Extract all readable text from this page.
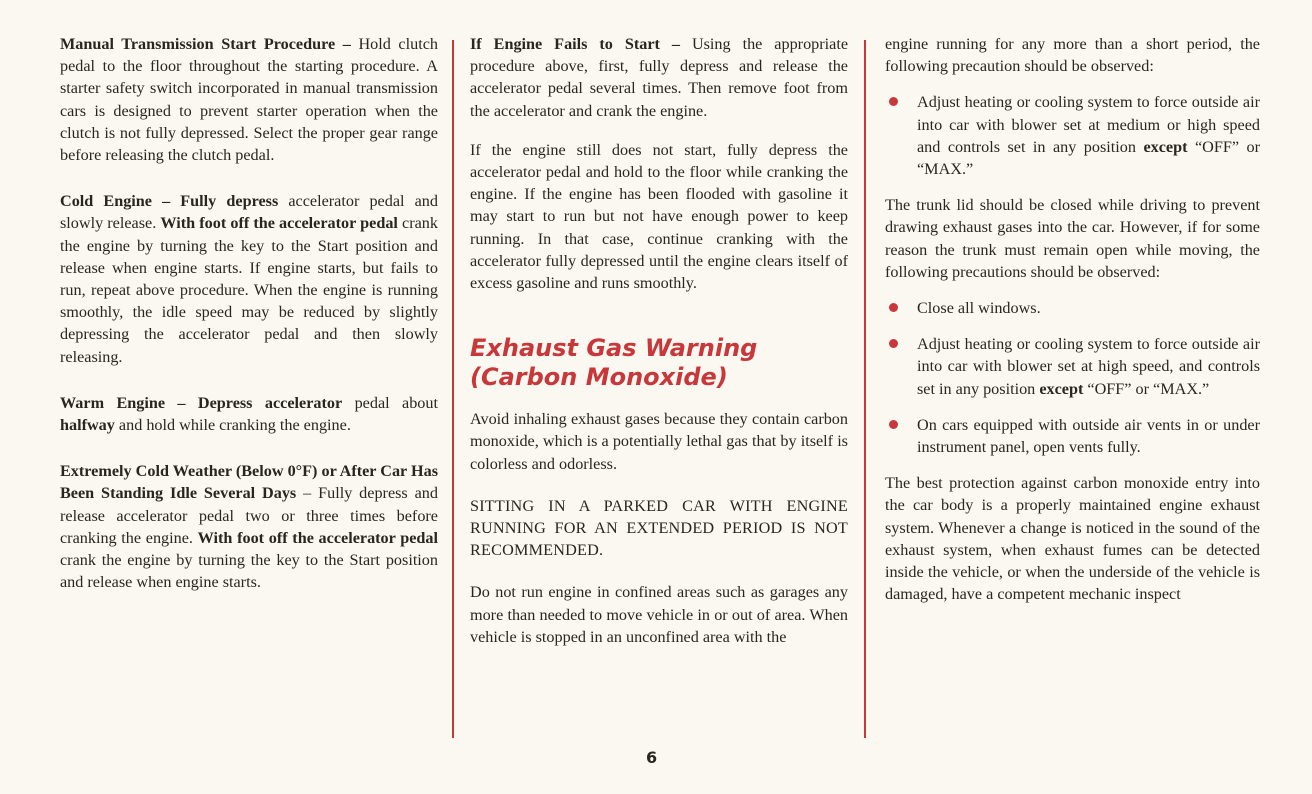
Manual Transmission Start Procedure – Hold clutch pedal to the floor throughout the starting procedure. A starter safety switch incorporated in manual transmission cars is designed to prevent starter operation when the clutch is not fully depressed. Select the proper gear range before releasing the clutch pedal.

Cold Engine – Fully depress accelerator pedal and slowly release. With foot off the accelerator pedal crank the engine by turning the key to the Start position and release when engine starts. If engine starts, but fails to run, repeat above procedure. When the engine is running smoothly, the idle speed may be reduced by slightly depressing the accelerator pedal and then slowly releasing.

Warm Engine – Depress accelerator pedal about halfway and hold while cranking the engine.

Extremely Cold Weather (Below 0°F) or After Car Has Been Standing Idle Several Days – Fully depress and release accelerator pedal two or three times before cranking the engine. With foot off the accelerator pedal crank the engine by turning the key to the Start position and release when engine starts.

If Engine Fails to Start – Using the appropriate procedure above, first, fully depress and release the accelerator pedal several times. Then remove foot from the accelerator and crank the engine.

If the engine still does not start, fully depress the accelerator pedal and hold to the floor while cranking the engine. If the engine has been flooded with gasoline it may start to run but not have enough power to keep running. In that case, continue cranking with the accelerator fully depressed until the engine clears itself of excess gasoline and runs smoothly.

Exhaust Gas Warning
(Carbon Monoxide)

Avoid inhaling exhaust gases because they contain carbon monoxide, which is a potentially lethal gas that by itself is colorless and odorless.

SITTING IN A PARKED CAR WITH ENGINE RUNNING FOR AN EXTENDED PERIOD IS NOT RECOMMENDED.

Do not run engine in confined areas such as garages any more than needed to move vehicle in or out of area. When vehicle is stopped in an unconfined area with the

engine running for any more than a short period, the following precaution should be observed:

Adjust heating or cooling system to force outside air into car with blower set at medium or high speed and controls set in any position except “OFF” or “MAX.”

The trunk lid should be closed while driving to prevent drawing exhaust gases into the car. However, if for some reason the trunk must remain open while moving, the following precautions should be observed:

Close all windows.
Adjust heating or cooling system to force outside air into car with blower set at high speed, and controls set in any position except “OFF” or “MAX.”
On cars equipped with outside air vents in or under instrument panel, open vents fully.

The best protection against carbon monoxide entry into the car body is a properly maintained engine exhaust system. Whenever a change is noticed in the sound of the exhaust system, when exhaust fumes can be detected inside the vehicle, or when the underside of the vehicle is damaged, have a competent mechanic inspect

6
